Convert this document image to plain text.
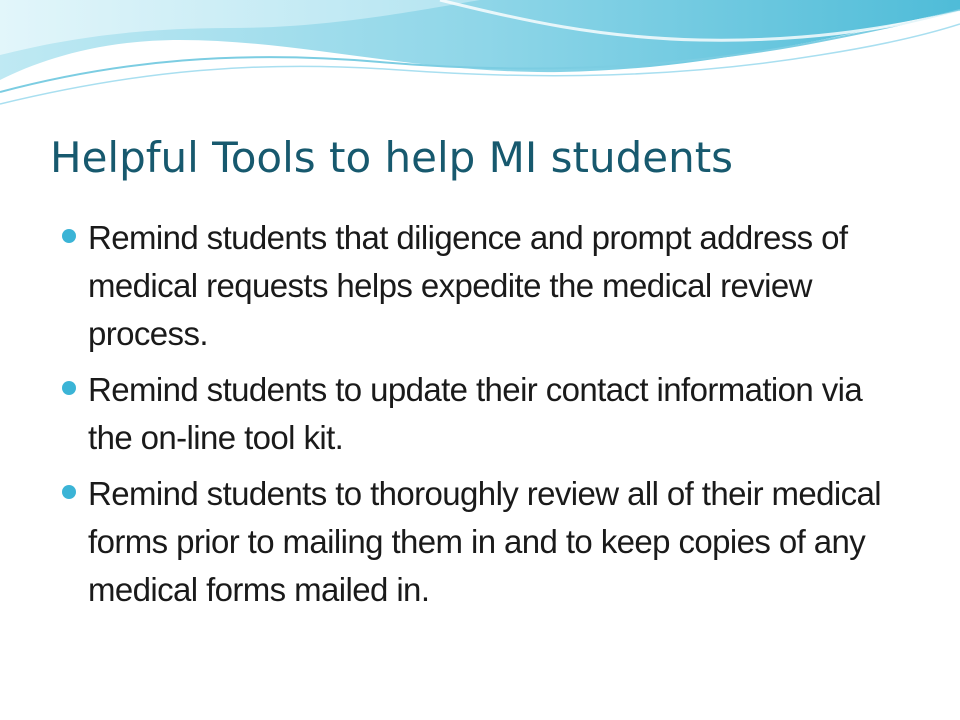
Helpful Tools to help MI students
Remind students that diligence and prompt address of medical requests helps expedite the medical review process.
Remind students to update their contact information via the on-line tool kit.
Remind students to thoroughly review all of their medical forms prior to mailing them in and to keep copies of any medical forms mailed in.
